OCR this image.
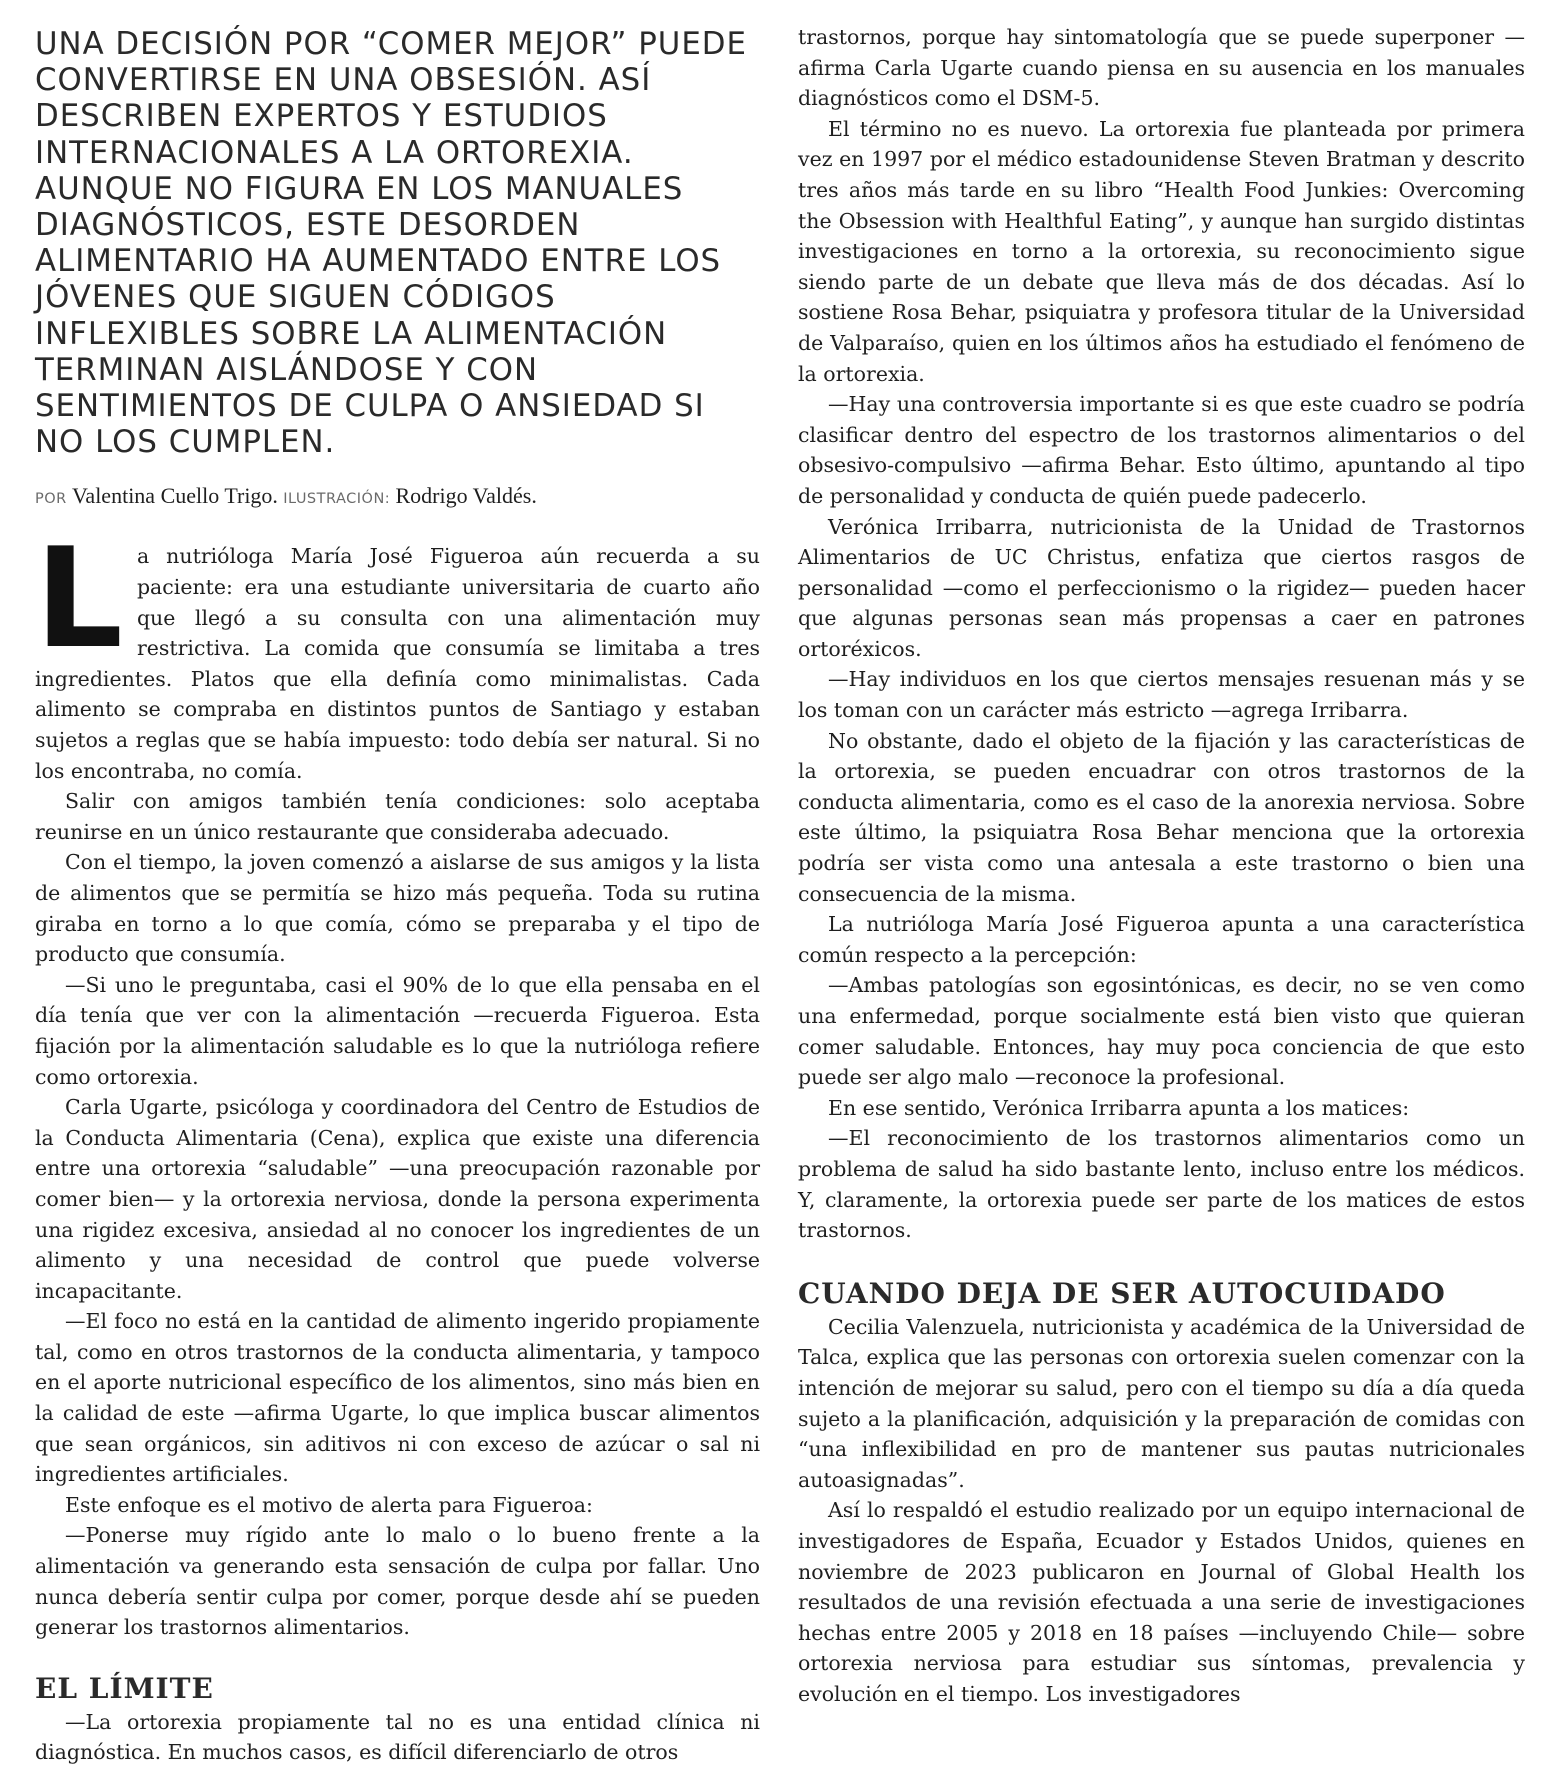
UNA DECISIÓN POR “COMER MEJOR” PUEDE CONVERTIRSE EN UNA OBSESIÓN. ASÍ DESCRIBEN EXPERTOS Y ESTUDIOS INTERNACIONALES A LA ORTOREXIA. AUNQUE NO FIGURA EN LOS MANUALES DIAGNÓSTICOS, ESTE DESORDEN ALIMENTARIO HA AUMENTADO ENTRE LOS JÓVENES QUE SIGUEN CÓDIGOS INFLEXIBLES SOBRE LA ALIMENTACIÓN TERMINAN AISLÁNDOSE Y CON SENTIMIENTOS DE CULPA O ANSIEDAD SI NO LOS CUMPLEN.
POR Valentina Cuello Trigo. ILUSTRACIÓN: Rodrigo Valdés.

La nutrióloga María José Figueroa aún recuerda a su paciente: era una estudiante universitaria de cuarto año que llegó a su consulta con una alimentación muy restrictiva. La comida que consumía se limitaba a tres ingredientes. Platos que ella definía como minimalistas. Cada alimento se compraba en distintos puntos de Santiago y estaban sujetos a reglas que se había impuesto: todo debía ser natural. Si no los encontraba, no comía.

Salir con amigos también tenía condiciones: solo aceptaba reunirse en un único restaurante que consideraba adecuado.

Con el tiempo, la joven comenzó a aislarse de sus amigos y la lista de alimentos que se permitía se hizo más pequeña. Toda su rutina giraba en torno a lo que comía, cómo se preparaba y el tipo de producto que consumía.

—Si uno le preguntaba, casi el 90% de lo que ella pensaba en el día tenía que ver con la alimentación —recuerda Figueroa. Esta fijación por la alimentación saludable es lo que la nutrióloga refiere como ortorexia.

Carla Ugarte, psicóloga y coordinadora del Centro de Estudios de la Conducta Alimentaria (Cena), explica que existe una diferencia entre una ortorexia “saludable” —una preocupación razonable por comer bien— y la ortorexia nerviosa, donde la persona experimenta una rigidez excesiva, ansiedad al no conocer los ingredientes de un alimento y una necesidad de control que puede volverse incapacitante.

—El foco no está en la cantidad de alimento ingerido propiamente tal, como en otros trastornos de la conducta alimentaria, y tampoco en el aporte nutricional específico de los alimentos, sino más bien en la calidad de este —afirma Ugarte, lo que implica buscar alimentos que sean orgánicos, sin aditivos ni con exceso de azúcar o sal ni ingredientes artificiales.

Este enfoque es el motivo de alerta para Figueroa:

—Ponerse muy rígido ante lo malo o lo bueno frente a la alimentación va generando esta sensación de culpa por fallar. Uno nunca debería sentir culpa por comer, porque desde ahí se pueden generar los trastornos alimentarios.

EL LÍMITE

—La ortorexia propiamente tal no es una entidad clínica ni diagnóstica. En muchos casos, es difícil diferenciarlo de otros

trastornos, porque hay sintomatología que se puede superponer —afirma Carla Ugarte cuando piensa en su ausencia en los manuales diagnósticos como el DSM-5.

El término no es nuevo. La ortorexia fue planteada por primera vez en 1997 por el médico estadounidense Steven Bratman y descrito tres años más tarde en su libro “Health Food Junkies: Overcoming the Obsession with Healthful Eating”, y aunque han surgido distintas investigaciones en torno a la ortorexia, su reconocimiento sigue siendo parte de un debate que lleva más de dos décadas. Así lo sostiene Rosa Behar, psiquiatra y profesora titular de la Universidad de Valparaíso, quien en los últimos años ha estudiado el fenómeno de la ortorexia.

—Hay una controversia importante si es que este cuadro se podría clasificar dentro del espectro de los trastornos alimentarios o del obsesivo-compulsivo —afirma Behar. Esto último, apuntando al tipo de personalidad y conducta de quién puede padecerlo.

Verónica Irribarra, nutricionista de la Unidad de Trastornos Alimentarios de UC Christus, enfatiza que ciertos rasgos de personalidad —como el perfeccionismo o la rigidez— pueden hacer que algunas personas sean más propensas a caer en patrones ortoréxicos.

—Hay individuos en los que ciertos mensajes resuenan más y se los toman con un carácter más estricto —agrega Irribarra.

No obstante, dado el objeto de la fijación y las características de la ortorexia, se pueden encuadrar con otros trastornos de la conducta alimentaria, como es el caso de la anorexia nerviosa. Sobre este último, la psiquiatra Rosa Behar menciona que la ortorexia podría ser vista como una antesala a este trastorno o bien una consecuencia de la misma.

La nutrióloga María José Figueroa apunta a una característica común respecto a la percepción:

—Ambas patologías son egosintónicas, es decir, no se ven como una enfermedad, porque socialmente está bien visto que quieran comer saludable. Entonces, hay muy poca conciencia de que esto puede ser algo malo —reconoce la profesional.

En ese sentido, Verónica Irribarra apunta a los matices:

—El reconocimiento de los trastornos alimentarios como un problema de salud ha sido bastante lento, incluso entre los médicos. Y, claramente, la ortorexia puede ser parte de los matices de estos trastornos.

CUANDO DEJA DE SER AUTOCUIDADO

Cecilia Valenzuela, nutricionista y académica de la Universidad de Talca, explica que las personas con ortorexia suelen comenzar con la intención de mejorar su salud, pero con el tiempo su día a día queda sujeto a la planificación, adquisición y la preparación de comidas con “una inflexibilidad en pro de mantener sus pautas nutricionales autoasignadas”.

Así lo respaldó el estudio realizado por un equipo internacional de investigadores de España, Ecuador y Estados Unidos, quienes en noviembre de 2023 publicaron en Journal of Global Health los resultados de una revisión efectuada a una serie de investigaciones hechas entre 2005 y 2018 en 18 países —incluyendo Chile— sobre ortorexia nerviosa para estudiar sus síntomas, prevalencia y evolución en el tiempo. Los investigadores
